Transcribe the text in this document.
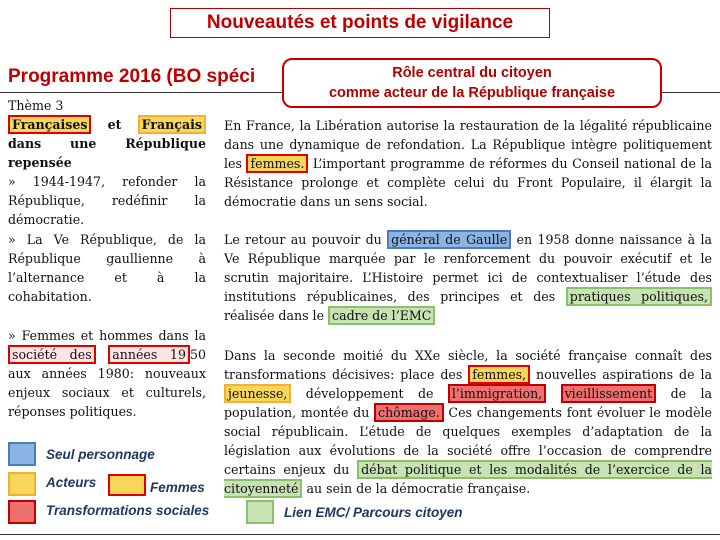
Nouveautés et points de vigilance
Programme 2016 (BO spéci	Rôle central du citoyen
comme acteur de la République française
Thème 3
Françaises et Français dans une République repensée
» 1944-1947, refonder la République, redéfinir la démocratie.
En France, la Libération autorise la restauration de la légalité républicaine dans une dynamique de refondation. La République intègre politiquement les femmes. L’important programme de réformes du Conseil national de la Résistance prolonge et complète celui du Front Populaire, il élargit la démocratie dans un sens social.
» La Ve République, de la République gaullienne à l’alternance et à la cohabitation.
Le retour au pouvoir du général de Gaulle en 1958 donne naissance à la Ve République marquée par le renforcement du pouvoir exécutif et le scrutin majoritaire. L’Histoire permet ici de contextualiser l’étude des institutions républicaines, des principes et des pratiques politiques, réalisée dans le cadre de l’EMC
» Femmes et hommes dans la société des années 19 50 aux années 1980: nouveaux enjeux sociaux et culturels, réponses politiques.
Dans la seconde moitié du XXe siècle, la société française connaît des transformations décisives: place des femmes, nouvelles aspirations de la jeunesse, développement de l’immigration, vieillissement de la population, montée du chômage. Ces changements font évoluer le modèle social républicain. L’étude de quelques exemples d’adaptation de la législation aux évolutions de la société offre l’occasion de comprendre certains enjeux du débat politique et les modalités de l’exercice de la citoyenneté au sein de la démocratie française.
Seul personnage
Acteurs	Femmes
Transformations sociales	Lien EMC/ Parcours citoyen
